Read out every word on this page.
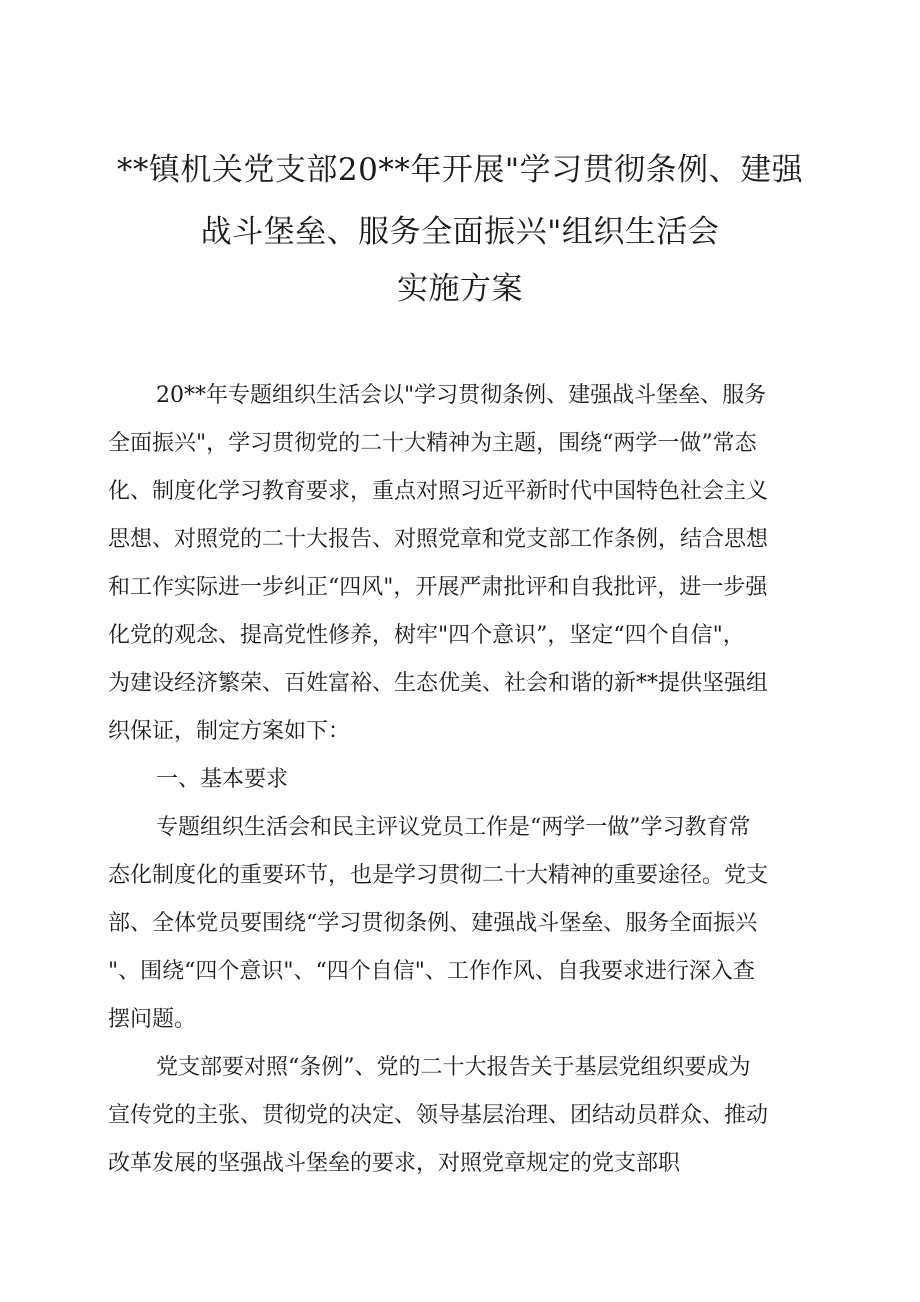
**镇机关党支部20**年开展"学习贯彻条例、建强
战斗堡垒、服务全面振兴"组织生活会
实施方案
20**年专题组织生活会以"学习贯彻条例、建强战斗堡垒、服务
全面振兴"，学习贯彻党的二十大精神为主题，围绕“两学一做”常态
化、制度化学习教育要求，重点对照习近平新时代中国特色社会主义
思想、对照党的二十大报告、对照党章和党支部工作条例，结合思想
和工作实际进一步纠正“四风"，开展严肃批评和自我批评，进一步强
化党的观念、提高党性修养，树牢"四个意识”，坚定“四个自信"，
为建设经济繁荣、百姓富裕、生态优美、社会和谐的新**提供坚强组
织保证，制定方案如下：
一、基本要求
专题组织生活会和民主评议党员工作是“两学一做”学习教育常
态化制度化的重要环节，也是学习贯彻二十大精神的重要途径。党支
部、全体党员要围绕“学习贯彻条例、建强战斗堡垒、服务全面振兴
"、围绕“四个意识"、“四个自信"、工作作风、自我要求进行深入查
摆问题。
党支部要对照“条例”、党的二十大报告关于基层党组织要成为
宣传党的主张、贯彻党的决定、领导基层治理、团结动员群众、推动
改革发展的坚强战斗堡垒的要求，对照党章规定的党支部职
